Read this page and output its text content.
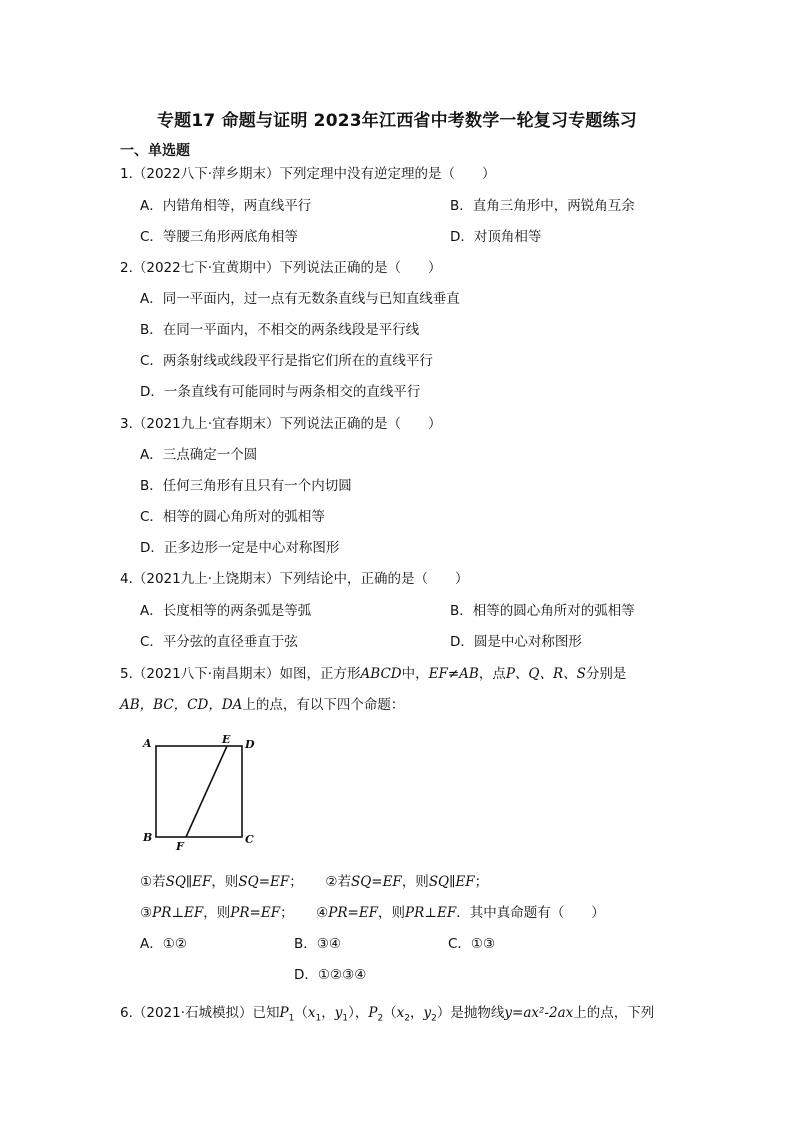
专题17 命题与证明 2023年江西省中考数学一轮复习专题练习
一、单选题
1.（2022八下·萍乡期末）下列定理中没有逆定理的是（　　）
A．内错角相等，两直线平行	B．直角三角形中，两锐角互余
C．等腰三角形两底角相等	D．对顶角相等
2.（2022七下·宜黄期中）下列说法正确的是（　　）
A．同一平面内，过一点有无数条直线与已知直线垂直
B．在同一平面内，不相交的两条线段是平行线
C．两条射线或线段平行是指它们所在的直线平行
D．一条直线有可能同时与两条相交的直线平行
3.（2021九上·宜春期末）下列说法正确的是（　　）
A．三点确定一个圆
B．任何三角形有且只有一个内切圆
C．相等的圆心角所对的弧相等
D．正多边形一定是中心对称图形
4.（2021九上·上饶期末）下列结论中，正确的是（　　）
A．长度相等的两条弧是等弧	B．相等的圆心角所对的弧相等
C．平分弦的直径垂直于弦	D．圆是中心对称图形
5.（2021八下·南昌期末）如图，正方形ABCD中，EF≠AB，点P、Q、R、S分别是
AB，BC，CD，DA上的点，有以下四个命题：
A	E D
B	C
F
①若SQ∥EF，则SQ=EF； ②若SQ=EF，则SQ∥EF；
③PR⊥EF，则PR=EF； ④PR=EF，则PR⊥EF．其中真命题有（　　）
A．①②	B．③④	C．①③
D．①②③④
6.（2021·石城模拟）已知$P_1(x_1$，$y_1$），$P_2(x_2$，$y_2$）是抛物线y=ax²-2ax上的点，下列
